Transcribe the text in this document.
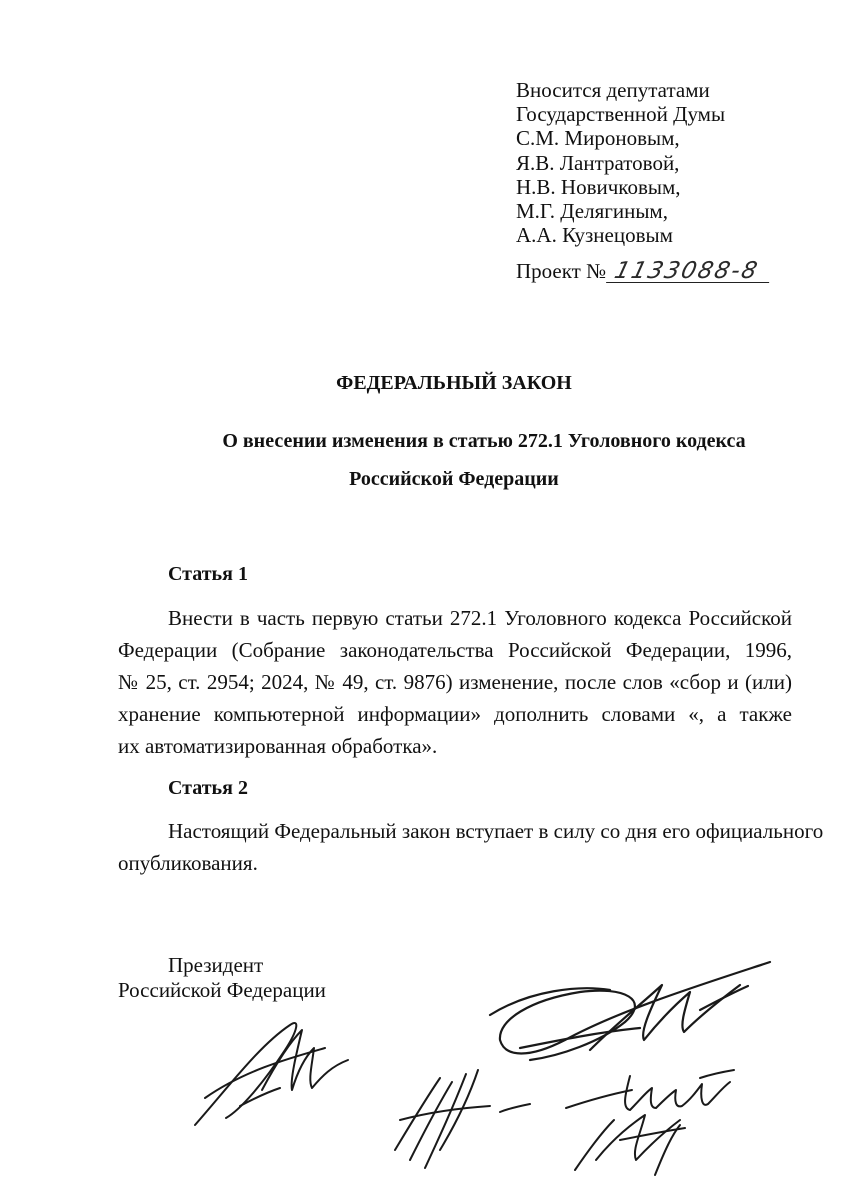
Вносится депутатами
Государственной Думы
С.М. Мироновым,
Я.В. Лантратовой,
Н.В. Новичковым,
М.Г. Делягиным,
А.А. Кузнецовым
Проект № 1133088-8
ФЕДЕРАЛЬНЫЙ ЗАКОН
О внесении изменения в статью 272.1 Уголовного кодекса
Российской Федерации
Статья 1
Внести в часть первую статьи 272.1 Уголовного кодекса Российской
Федерации (Собрание законодательства Российской Федерации, 1996,
№ 25, ст. 2954; 2024, № 49, ст. 9876) изменение, после слов «сбор и (или)
хранение компьютерной информации» дополнить словами «, а также
их автоматизированная обработка».
Статья 2
Настоящий Федеральный закон вступает в силу со дня его официального
опубликования.
Президент
Российской Федерации
